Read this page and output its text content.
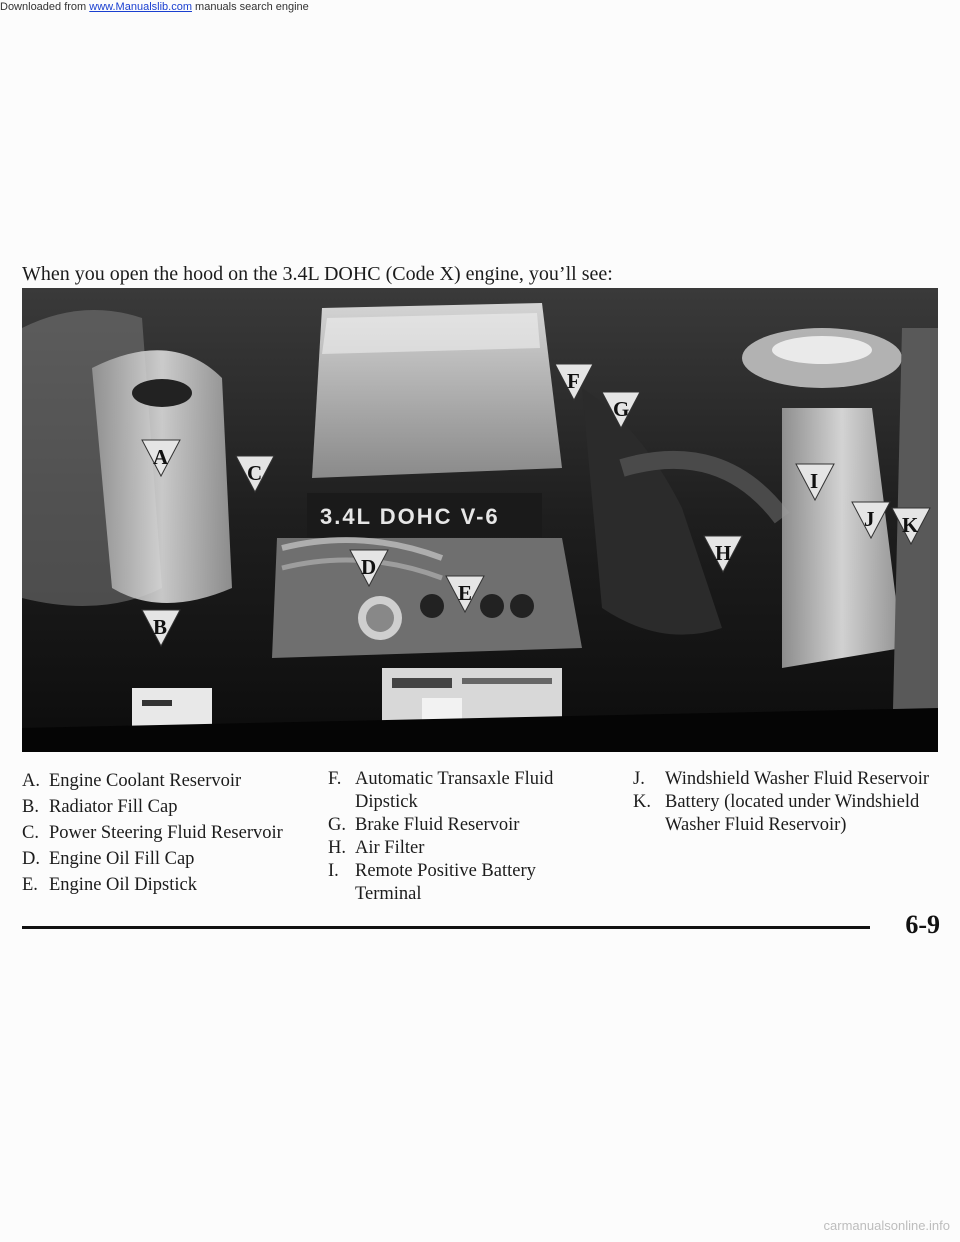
Downloaded from www.Manualslib.com manuals search engine
When you open the hood on the 3.4L DOHC (Code X) engine, you’ll see:
3.4L DOHC V-6
A
B
C
D
E
F
G
H
I
J K
A. Engine Coolant Reservoir
B. Radiator Fill Cap
C. Power Steering Fluid Reservoir
D. Engine Oil Fill Cap
E. Engine Oil Dipstick
F. Automatic Transaxle Fluid Dipstick
G. Brake Fluid Reservoir
H. Air Filter
I. Remote Positive Battery Terminal
J. Windshield Washer Fluid Reservoir
K. Battery (located under Windshield Washer Fluid Reservoir)
6-9
carmanualsonline.info
